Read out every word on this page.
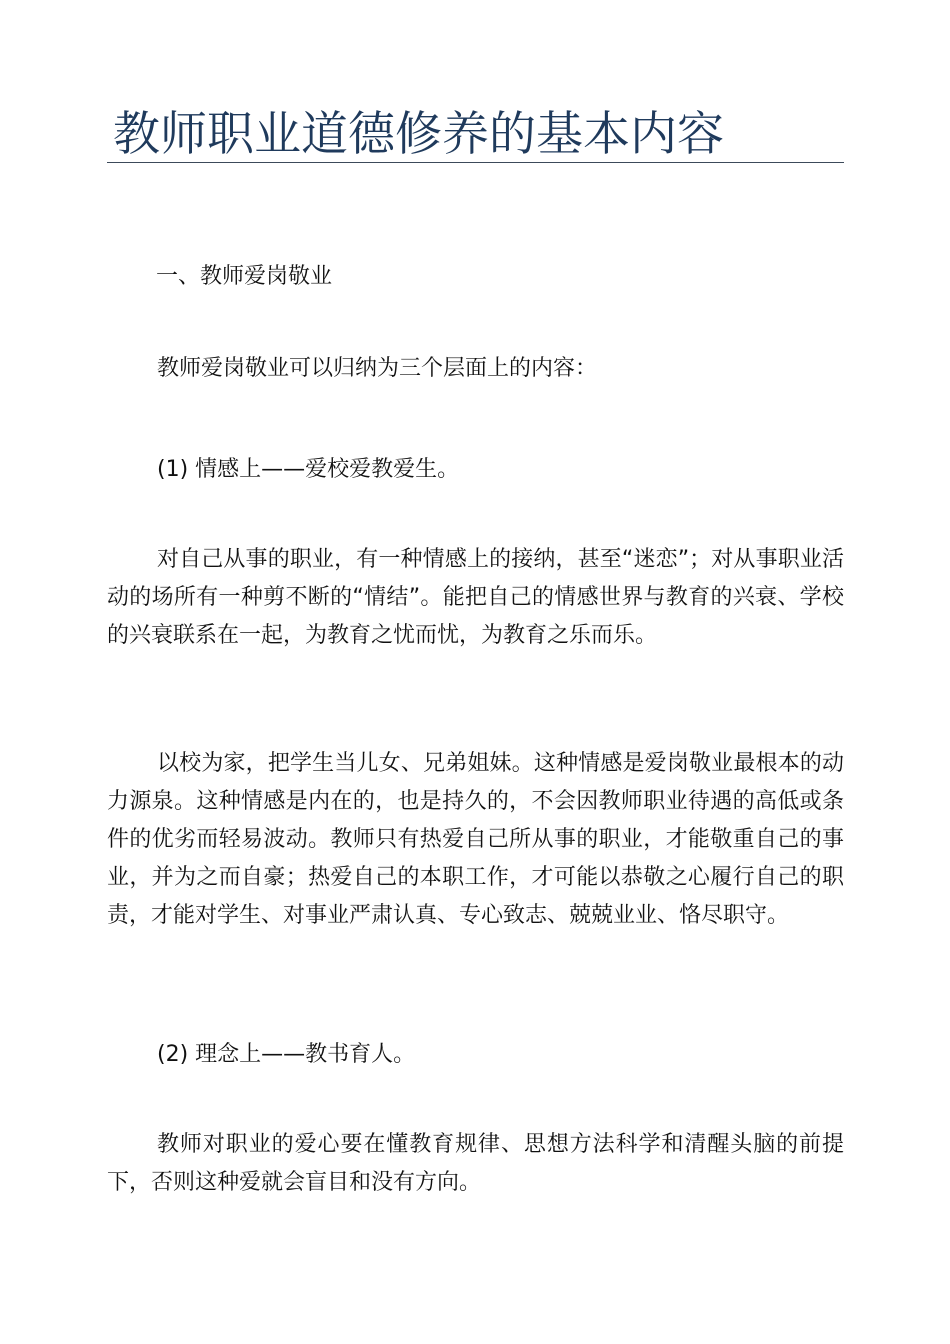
教师职业道德修养的基本内容
一、教师爱岗敬业

教师爱岗敬业可以归纳为三个层面上的内容：

(1) 情感上——爱校爱教爱生。

对自己从事的职业，有一种情感上的接纳，甚至“迷恋”；对从事职业活动的场所有一种剪不断的“情结”。能把自己的情感世界与教育的兴衰、学校的兴衰联系在一起，为教育之忧而忧，为教育之乐而乐。

以校为家，把学生当儿女、兄弟姐妹。这种情感是爱岗敬业最根本的动力源泉。这种情感是内在的，也是持久的，不会因教师职业待遇的高低或条件的优劣而轻易波动。教师只有热爱自己所从事的职业，才能敬重自己的事业，并为之而自豪；热爱自己的本职工作，才可能以恭敬之心履行自己的职责，才能对学生、对事业严肃认真、专心致志、兢兢业业、恪尽职守。

(2) 理念上——教书育人。

教师对职业的爱心要在懂教育规律、思想方法科学和清醒头脑的前提下，否则这种爱就会盲目和没有方向。
